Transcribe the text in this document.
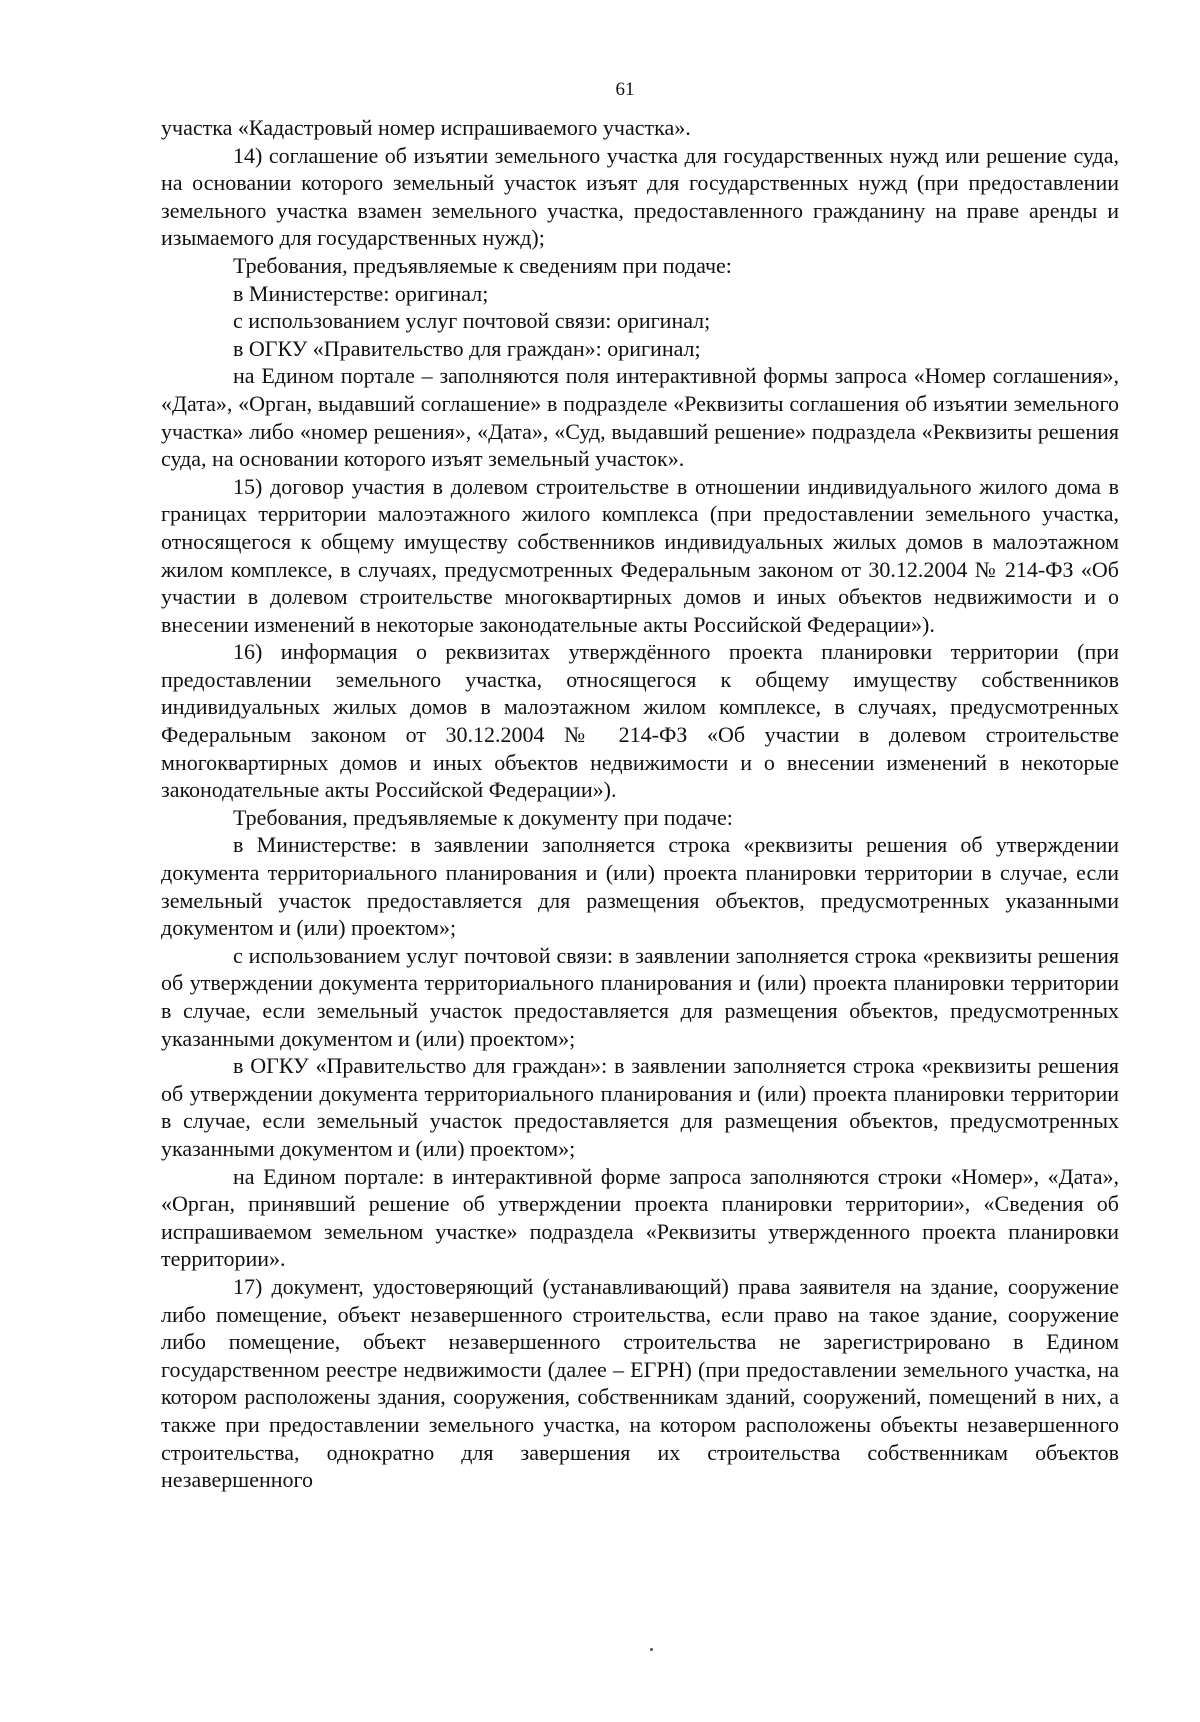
61

участка «Кадастровый номер испрашиваемого участка».

14) соглашение об изъятии земельного участка для государственных нужд или решение суда, на основании которого земельный участок изъят для государственных нужд (при предоставлении земельного участка взамен земельного участка, предоставленного гражданину на праве аренды и изымаемого для государственных нужд);

Требования, предъявляемые к сведениям при подаче:

в Министерстве: оригинал;

с использованием услуг почтовой связи: оригинал;

в ОГКУ «Правительство для граждан»: оригинал;

на Едином портале – заполняются поля интерактивной формы запроса «Номер соглашения», «Дата», «Орган, выдавший соглашение» в подразделе «Реквизиты соглашения об изъятии земельного участка» либо «номер решения», «Дата», «Суд, выдавший решение» подраздела «Реквизиты решения суда, на основании которого изъят земельный участок».

15) договор участия в долевом строительстве в отношении индивидуального жилого дома в границах территории малоэтажного жилого комплекса (при предоставлении земельного участка, относящегося к общему имуществу собственников индивидуальных жилых домов в малоэтажном жилом комплексе, в случаях, предусмотренных Федеральным законом от 30.12.2004 № 214-ФЗ «Об участии в долевом строительстве многоквартирных домов и иных объектов недвижимости и о внесении изменений в некоторые законодательные акты Российской Федерации»).

16) информация о реквизитах утверждённого проекта планировки территории (при предоставлении земельного участка, относящегося к общему имуществу собственников индивидуальных жилых домов в малоэтажном жилом комплексе, в случаях, предусмотренных Федеральным законом от 30.12.2004 № 214-ФЗ «Об участии в долевом строительстве многоквартирных домов и иных объектов недвижимости и о внесении изменений в некоторые законодательные акты Российской Федерации»).

Требования, предъявляемые к документу при подаче:

в Министерстве: в заявлении заполняется строка «реквизиты решения об утверждении документа территориального планирования и (или) проекта планировки территории в случае, если земельный участок предоставляется для размещения объектов, предусмотренных указанными документом и (или) проектом»;

с использованием услуг почтовой связи: в заявлении заполняется строка «реквизиты решения об утверждении документа территориального планирования и (или) проекта планировки территории в случае, если земельный участок предоставляется для размещения объектов, предусмотренных указанными документом и (или) проектом»;

в ОГКУ «Правительство для граждан»: в заявлении заполняется строка «реквизиты решения об утверждении документа территориального планирования и (или) проекта планировки территории в случае, если земельный участок предоставляется для размещения объектов, предусмотренных указанными документом и (или) проектом»;

на Едином портале: в интерактивной форме запроса заполняются строки «Номер», «Дата», «Орган, принявший решение об утверждении проекта планировки территории», «Сведения об испрашиваемом земельном участке» подраздела «Реквизиты утвержденного проекта планировки территории».

17) документ, удостоверяющий (устанавливающий) права заявителя на здание, сооружение либо помещение, объект незавершенного строительства, если право на такое здание, сооружение либо помещение, объект незавершенного строительства не зарегистрировано в Едином государственном реестре недвижимости (далее – ЕГРН) (при предоставлении земельного участка, на котором расположены здания, сооружения, собственникам зданий, сооружений, помещений в них, а также при предоставлении земельного участка, на котором расположены объекты незавершенного строительства, однократно для завершения их строительства собственникам объектов незавершенного
